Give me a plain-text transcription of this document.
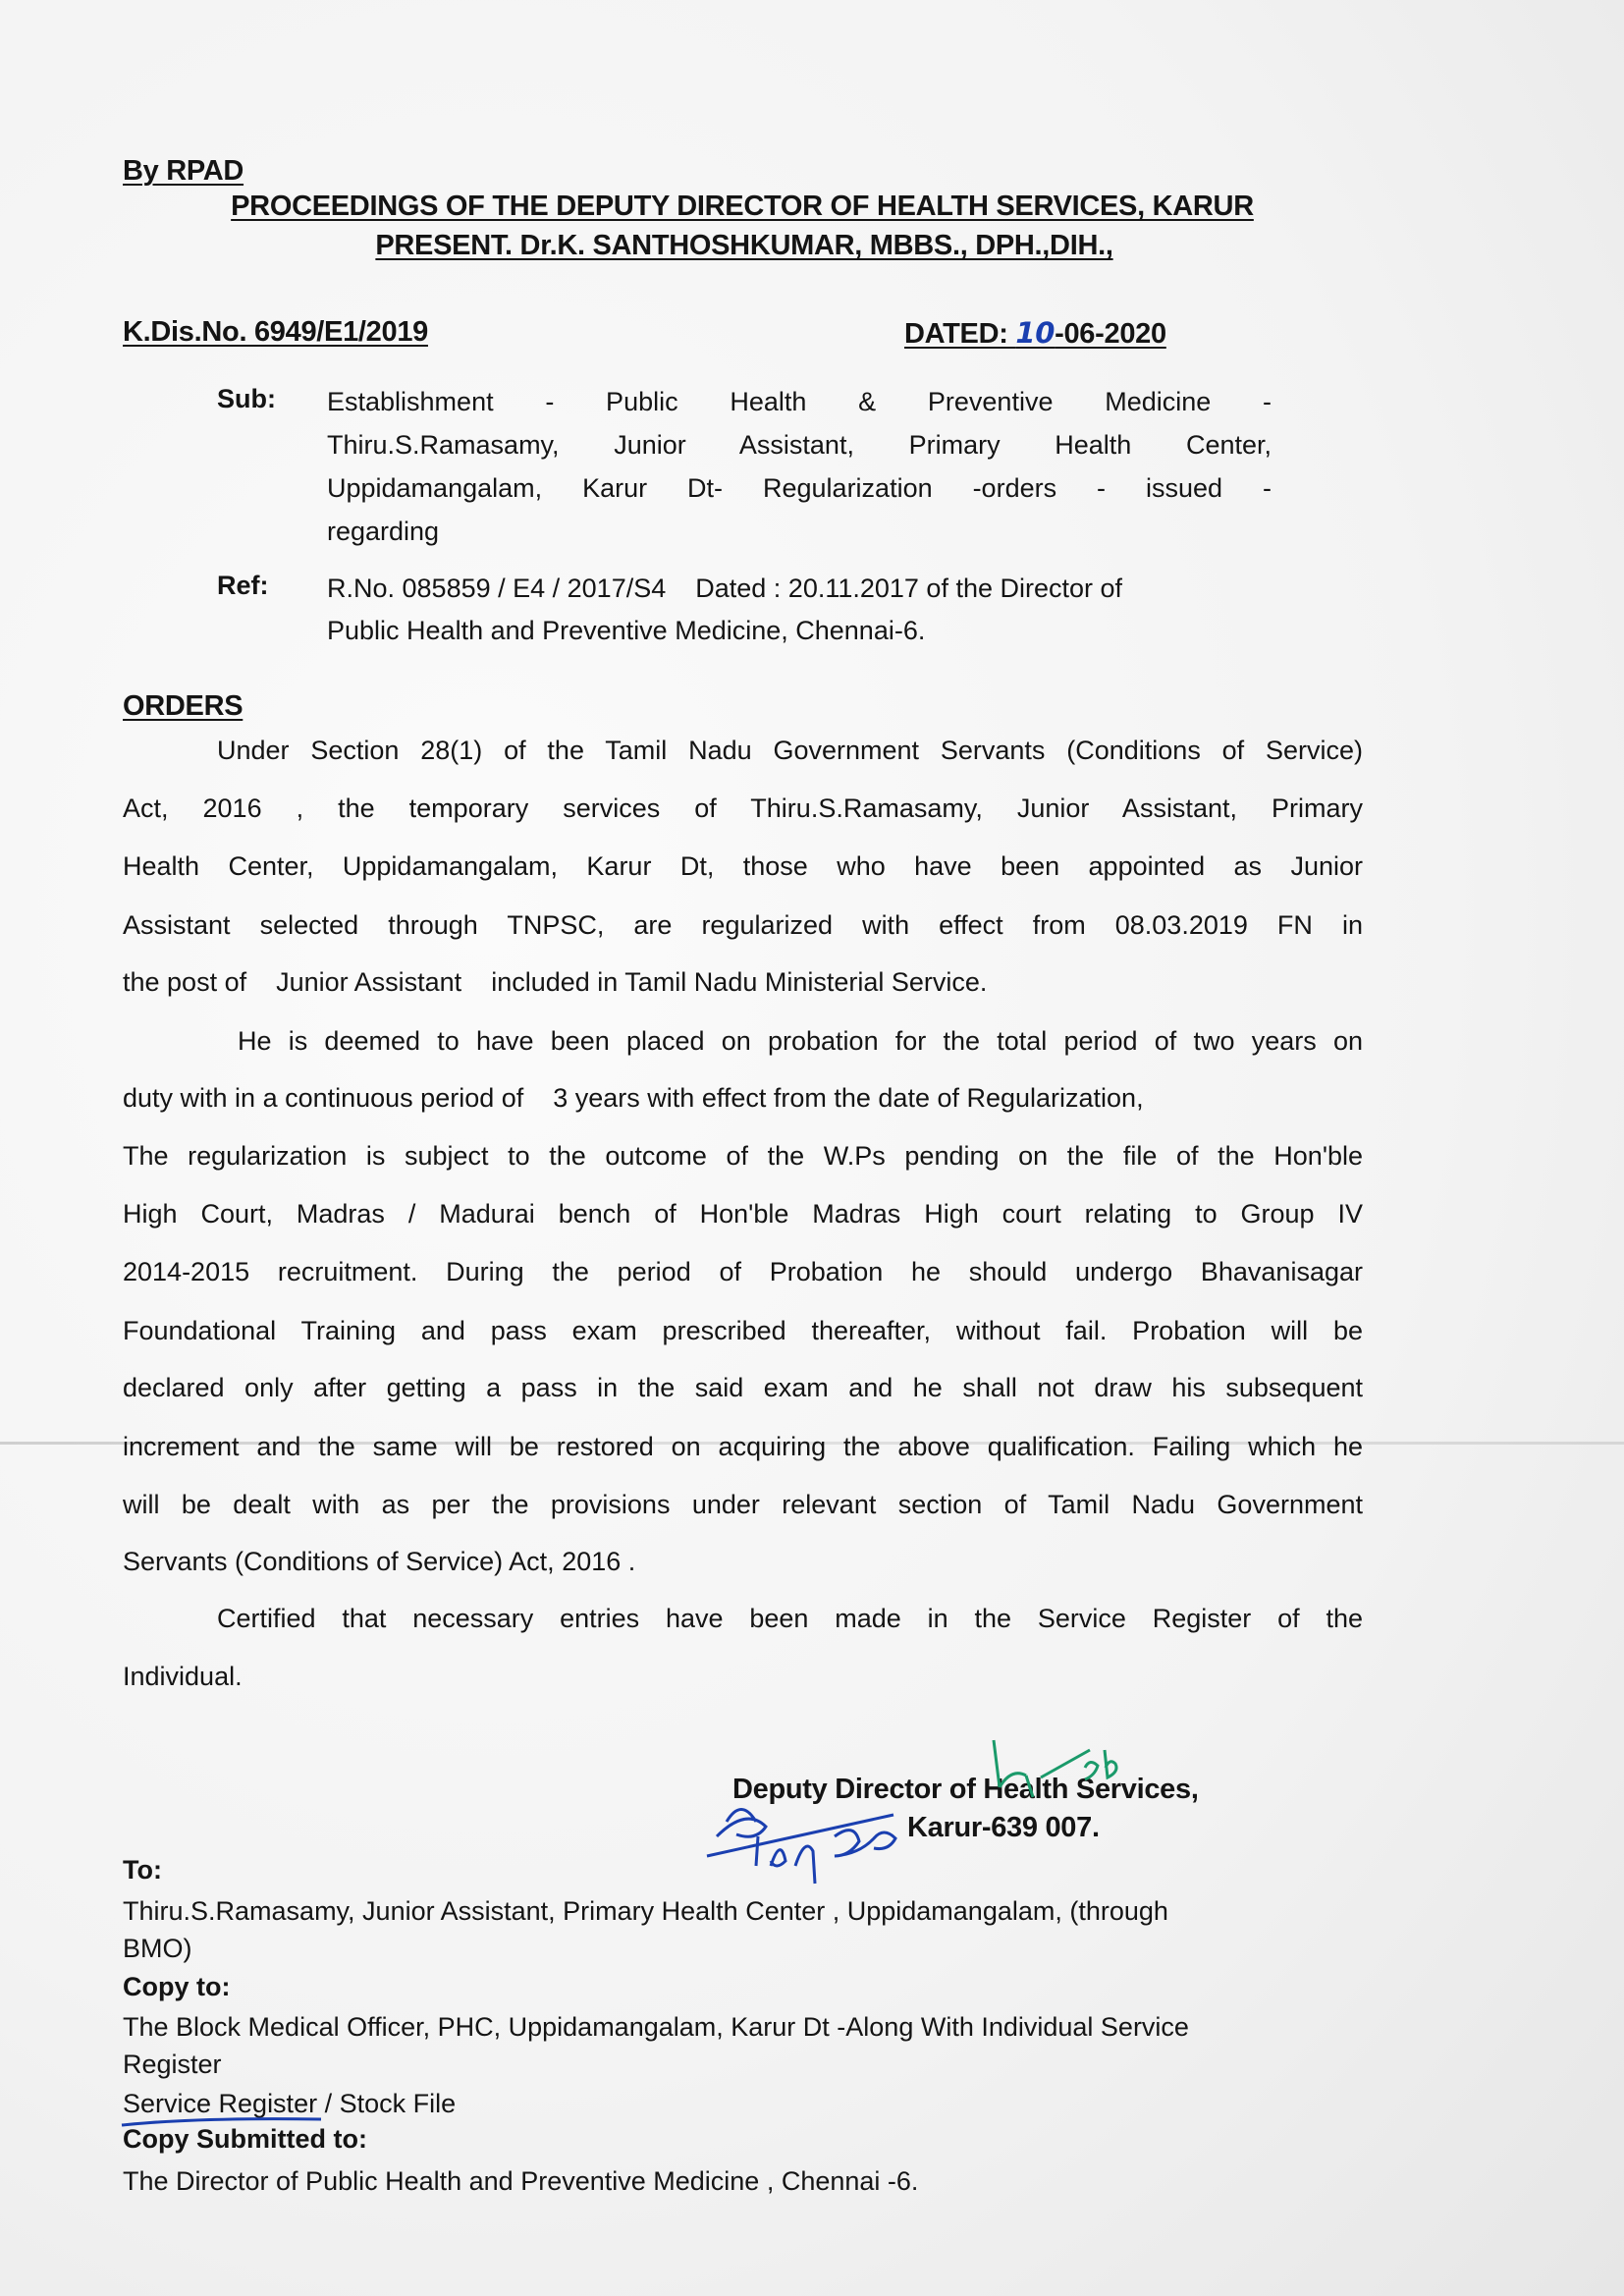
By RPAD
PROCEEDINGS OF THE DEPUTY DIRECTOR OF HEALTH SERVICES, KARUR
PRESENT. Dr.K. SANTHOSHKUMAR, MBBS., DPH.,DIH.,
K.Dis.No. 6949/E1/2019	DATED: 10-06-2020
Sub: Establishment - Public Health & Preventive Medicine -
Thiru.S.Ramasamy, Junior Assistant, Primary Health Center,
Uppidamangalam, Karur Dt- Regularization -orders - issued -
regarding
Ref: R.No. 085859 / E4 / 2017/S4    Dated : 20.11.2017 of the Director of
Public Health and Preventive Medicine, Chennai-6.
ORDERS
Under Section 28(1) of the Tamil Nadu Government Servants (Conditions of Service)
Act, 2016 , the temporary services of Thiru.S.Ramasamy, Junior Assistant, Primary
Health Center, Uppidamangalam, Karur Dt, those who have been appointed as Junior
Assistant selected through TNPSC, are regularized with effect from 08.03.2019 FN in
the post of    Junior Assistant    included in Tamil Nadu Ministerial Service.
He is deemed to have been placed on probation for the total period of two years on
duty with in a continuous period of    3 years with effect from the date of Regularization,
The regularization is subject to the outcome of the W.Ps pending on the file of the Hon'ble
High Court, Madras / Madurai bench of Hon'ble Madras High court relating to Group IV
2014-2015 recruitment. During the period of Probation he should undergo Bhavanisagar
Foundational Training and pass exam prescribed thereafter, without fail. Probation will be
declared only after getting a pass in the said exam and he shall not draw his subsequent
increment and the same will be restored on acquiring the above qualification. Failing which he
will be dealt with as per the provisions under relevant section of Tamil Nadu Government
Servants (Conditions of Service) Act, 2016 .
Certified that necessary entries have been made in the Service Register of the
Individual.
Deputy Director of Health Services,
Karur-639 007.
To:
Thiru.S.Ramasamy, Junior Assistant, Primary Health Center , Uppidamangalam, (through
BMO)
Copy to:
The Block Medical Officer, PHC, Uppidamangalam, Karur Dt -Along With Individual Service
Register
Service Register / Stock File
Copy Submitted to:
The Director of Public Health and Preventive Medicine , Chennai -6.
